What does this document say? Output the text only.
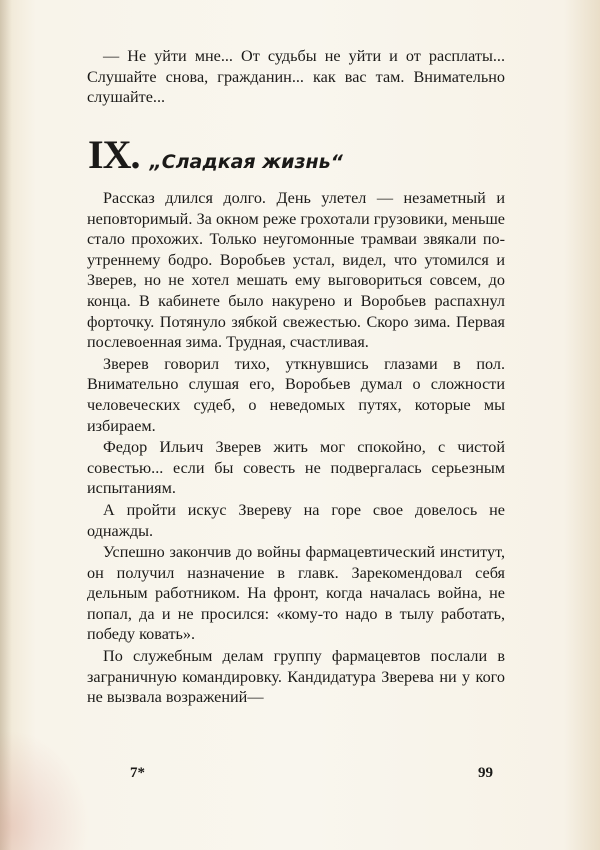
— Не уйти мне... От судьбы не уйти и от расплаты... Слушайте снова, гражданин... как вас там. Внимательно слушайте...

IX. „Сладкая жизнь“

Рассказ длился долго. День улетел — незаметный и неповторимый. За окном реже грохотали грузовики, меньше стало прохожих. Только неугомонные трамваи звякали по-утреннему бодро. Воробьев устал, видел, что утомился и Зверев, но не хотел мешать ему выговориться совсем, до конца. В кабинете было накурено и Воробьев распахнул форточку. Потянуло зябкой свежестью. Скоро зима. Первая послевоенная зима. Трудная, счастливая.

Зверев говорил тихо, уткнувшись глазами в пол. Внимательно слушая его, Воробьев думал о сложности человеческих судеб, о неведомых путях, которые мы избираем.

Федор Ильич Зверев жить мог спокойно, с чистой совестью... если бы совесть не подвергалась серьезным испытаниям.

А пройти искус Звереву на горе свое довелось не однажды.

Успешно закончив до войны фармацевтический институт, он получил назначение в главк. Зарекомендовал себя дельным работником. На фронт, когда началась война, не попал, да и не просился: «кому-то надо в тылу работать, победу ковать».

По служебным делам группу фармацевтов послали в заграничную командировку. Кандидатура Зверева ни у кого не вызвала возражений—

7*	99
